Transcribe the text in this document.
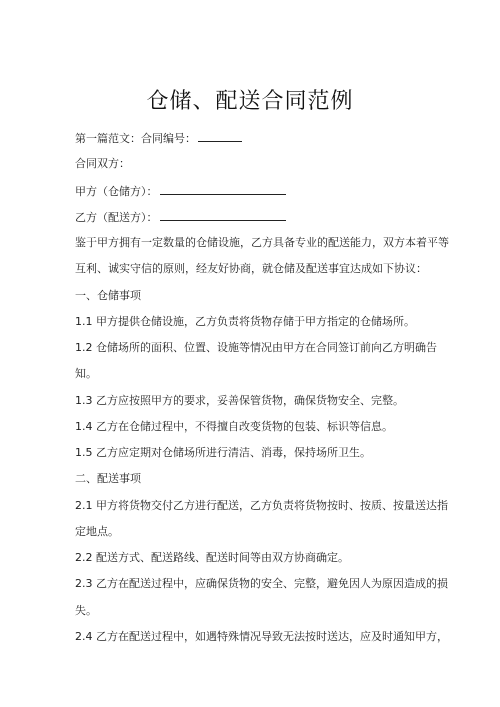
仓储、配送合同范例
第一篇范文：合同编号：
合同双方：
甲方（仓储方）：
乙方（配送方）：
鉴于甲方拥有一定数量的仓储设施，乙方具备专业的配送能力，双方本着平等
互利、诚实守信的原则，经友好协商，就仓储及配送事宜达成如下协议：
一、仓储事项
1.1 甲方提供仓储设施，乙方负责将货物存储于甲方指定的仓储场所。
1.2 仓储场所的面积、位置、设施等情况由甲方在合同签订前向乙方明确告
知。
1.3 乙方应按照甲方的要求，妥善保管货物，确保货物安全、完整。
1.4 乙方在仓储过程中，不得擅自改变货物的包装、标识等信息。
1.5 乙方应定期对仓储场所进行清洁、消毒，保持场所卫生。
二、配送事项
2.1 甲方将货物交付乙方进行配送，乙方负责将货物按时、按质、按量送达指
定地点。
2.2 配送方式、配送路线、配送时间等由双方协商确定。
2.3 乙方在配送过程中，应确保货物的安全、完整，避免因人为原因造成的损
失。
2.4 乙方在配送过程中，如遇特殊情况导致无法按时送达，应及时通知甲方，
